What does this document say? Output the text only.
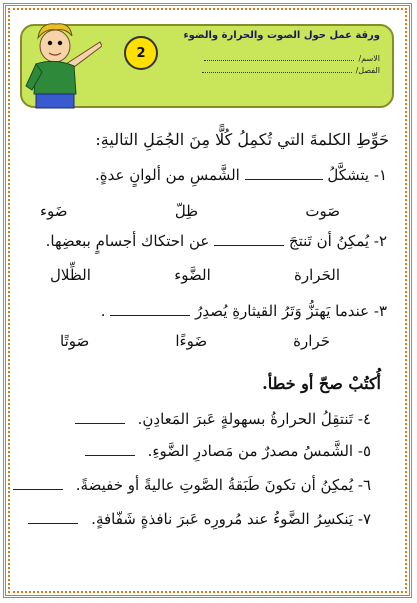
ورقة عمل حول الصوت والحرارة والضوء
الاسم/
الفصل/
2
حَوِّطِ الكلمةَ التي تُكمِلُ كُلًّا مِنَ الجُمَلِ التاليةِ:
١- يتشكَّلُ  الشَّمسِ من ألوانٍ عدةٍ.
صَوت
ظِلّ
ضَوء
٢- يُمكِنُ أن تَنتجَ  عن احتكاك أجسامٍ ببعضِها.
الحَرارة
الضَّوء
الظِّلال
٣- عندما يَهتزُّ وَتَرُ القيثارةِ يُصدِرُ  .
حَرارة
ضَوءًا
صَوتًا
أُكتُبْ صحّ أو خطأ.
٤- تَنتقِلُ الحرارةُ بسهولةٍ عَبرَ المَعادِنِ.
٥- الشَّمسُ مصدرٌ من مَصادرِ الضَّوءِ.
٦- يُمكِنُ أن تكونَ طَبَقةُ الصَّوتِ عاليةً أو خفيضةً.
٧- يَنكسِرُ الضَّوءُ عند مُرورِه عَبرَ نافذةٍ شَفّافةٍ.
